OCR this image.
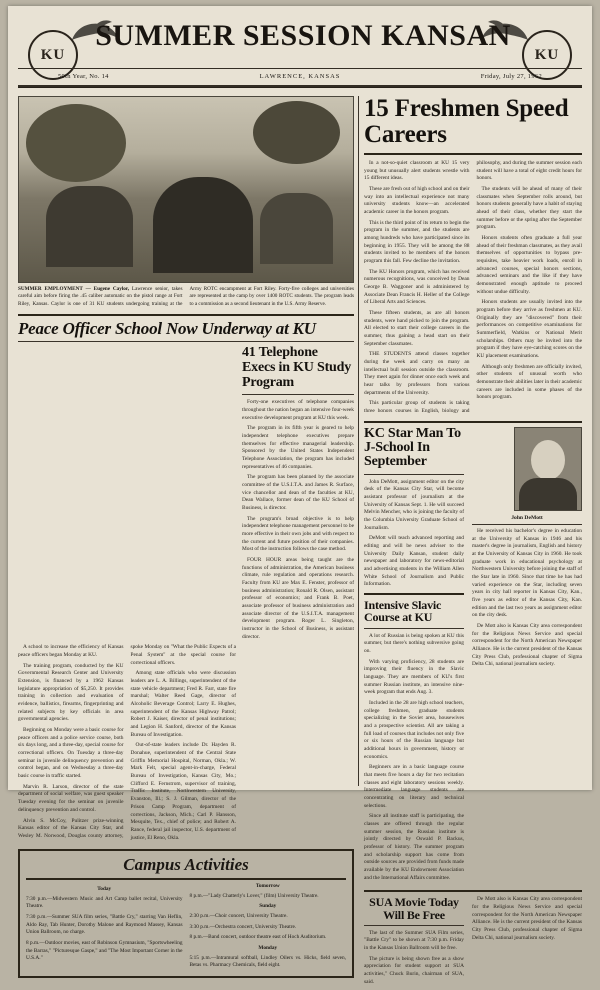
KU	KU
SUMMER SESSION KANSAN
50th Year, No. 14	LAWRENCE, KANSAS	Friday, July 27, 1962
SUMMER EMPLOYMENT — Eugene Caylor, Lawrence senior, takes careful aim before firing the .45 caliber automatic on the pistol range at Fort Riley, Kansas. Caylor is one of 31 KU students undergoing training at the Army ROTC encampment at Fort Riley. Forty-five colleges and universities are represented at the camp by over 1400 ROTC students. The program leads to a commission as a second lieutenant in the U.S. Army Reserve.
Peace Officer School Now Underway at KU
41 Telephone Execs in KU Study Program

Forty-one executives of telephone companies throughout the nation began an intensive four-week executive development program at KU this week.

The program in its fifth year is geared to help independent telephone executives prepare themselves for effective managerial leadership. Sponsored by the United States Independent Telephone Association, the program has included representatives of 46 companies.

The program has been planned by the associate committee of the U.S.I.T.A. and James R. Surface, vice chancellor and dean of the faculties at KU, Dean Wallace, former dean of the KU School of Business, is director.

The program's broad objective is to help independent telephone management personnel to be more effective in their own jobs and with respect to the current and future position of their companies. Most of the instruction follows the case method.

FOUR HOUR areas being taught are the functions of administration, the American business climate, rule regulation and operations research. Faculty from KU are Max E. Fenster, professor of business administration; Ronald R. Olsen, assistant professor of economics; and Frank B. Poet, associate professor of business administration and associate director of the U.S.I.T.A. management development program. Roger L. Singleton, instructor in the School of Business, is assistant director.

A school to increase the efficiency of Kansas peace officers began Monday at KU.

The training program, conducted by the KU Governmental Research Center and University Extension, is financed by a 1962 Kansas legislature appropriation of $5,250. It provides training in collection and evaluation of evidence, ballistics, firearms, fingerprinting and related subjects by key officials in area governmental agencies.

Beginning on Monday were a basic course for peace officers and a police service course, both six days long, and a three-day, special course for correctional officers. On Tuesday a three-day seminar in juvenile delinquency prevention and control began, and on Wednesday a three-day basic course in traffic started.

Marvin R. Larson, director of the state department of social welfare, was guest speaker Tuesday evening for the seminar on juvenile delinquency prevention and control.

Alvin S. McCoy, Pulitzer prize-winning Kansas editor of the Kansas City Star, and Wesley M. Norwood, Douglas county attorney, spoke Monday on "What the Public Expects of a Penal System" at the special course for correctional officers.

Among state officials who were discussion leaders are L. A. Billings, superintendent of the state vehicle department; Fred R. Farr, state fire marshal; Walter Reed Gage, director of Alcoholic Beverage Control; Larry E. Hughes, superintendent of the Kansas Highway Patrol; Robert J. Kaiser, director of penal institutions; and Legion H. Sanford, director of the Kansas Bureau of Investigation.

Out-of-state leaders include Dr. Hayden R. Donahue, superintendent of the Central State Griffin Memorial Hospital, Norman, Okla.; W. Mark Felt, special agent-in-charge, Federal Bureau of Investigation, Kansas City, Mo.; Clifford E. Fernstrom, supervisor of training, Traffic Institute, Northwestern University, Evanston, Ill.; S. J. Gilman, director of the Prison Camp Program, department of corrections, Jackson, Mich.; Carl P. Hansson, Mesquite, Tex., chief of police; and Robert A. Rance, federal jail inspector, U.S. department of justice, El Reno, Okla.

Campus Activities
Today

7:30 p.m.—Midwestern Music and Art Camp ballet recital, University Theatre.

7:30 p.m.—Summer SUA film series, "Battle Cry," starring Van Heflin, Aldo Ray, Tab Hunter, Dorothy Malone and Raymond Massey, Kansas Union Ballroom, no charge.

8 p.m.—Outdoor movies, east of Robinson Gymnasium, "Sportswheeling the Barras," "Picturesque Gaspe," and "The Most Important Corner in the U.S.A."

Tomorrow

8 p.m.—"Lady Chatterly's Lover," (film) University Theatre.

Sunday

2:30 p.m.—Choir concert, University Theatre.

3:30 p.m.—Orchestra concert, University Theatre.

8 p.m.—Band concert, outdoor theatre east of Hoch Auditorium.

Monday

5:15 p.m.—Intramural softball, Lindley Oilers vs. Hicks, field seven, Betas vs. Pharmacy Chemicals, field eight.

15 Freshmen Speed Careers

In a not-so-quiet classroom at KU 15 very young but unusually alert students wrestle with 15 different ideas.

These are fresh out of high school and on their way into an intellectual experience not many university students know—an accelerated academic career in the honors program.

This is the third point of its return to begin the program in the summer, and the students are among hundreds who have participated since its beginning in 1955. They will be among the 88 students invited to be members of the honors program this fall. Few decline the invitation.

The KU Honors program, which has received numerous recognitions, was conceived by Dean George B. Waggoner and is administered by Associate Dean Francis H. Heller of the College of Liberal Arts and Sciences.

These fifteen students, as are all honors students, were hand picked to join the program. All elected to start their college careers in the summer, thus gaining a head start on their September classmates.

THE STUDENTS attend classes together during the week and carry on many an intellectual bull session outside the classroom. They meet again for dinner once each week and hear talks by professors from various departments of the University.

This particular group of students is taking three honors courses in English, biology and philosophy, and during the summer session each student will have a total of eight credit hours for honors.

The students will be ahead of many of their classmates when September rolls around, but honors students generally have a habit of staying ahead of their class, whether they start the summer before or the spring after the September program.

Honors students often graduate a full year ahead of their freshman classmates, as they avail themselves of opportunities to bypass pre-requisites, take heavier work loads, enroll in advanced courses, special honors sections, advanced seminars and the like if they have demonstrated enough aptitude to proceed without undue difficulty.

Honors students are usually invited into the program before they arrive as freshmen at KU. Originally they are "discovered" from their performances on competitive examinations for Summerfield, Watkins or National Merit scholarships. Others may be invited into the program if they have eye-catching scores on the KU placement examinations.

Although only freshmen are officially invited, other students of unusual worth who demonstrate their abilities later in their academic careers are included in some phases of the honors program.

KC Star Man To J-School In September

John DeMott, assignment editor on the city desk of the Kansas City Star, will become assistant professor of journalism at the University of Kansas Sept. 1. He will succeed Melvin Mencher, who is joining the faculty of the Columbia University Graduate School of Journalism.

DeMott will teach advanced reporting and editing and will be news adviser to the University Daily Kansan, student daily newspaper and laboratory for news-editorial and advertising students in the William Allen White School of Journalism and Public Information.

Intensive Slavic Course at KU

A lot of Russian is being spoken at KU this summer, but there's nothing subversive going on.

With varying proficiency, 28 students are improving their fluency in the Slavic language. They are members of KU's first summer Russian institute, an intensive nine-week program that ends Aug. 3.

Included in the 28 are high school teachers, college freshmen, graduate students specializing in the Soviet area, housewives and a prospective scientist. All are taking a full load of courses that includes not only five or six hours of the Russian language but additional hours in government, history or economics.

Beginners are in a basic language course that meets five hours a day for two recitation classes and eight laboratory sessions weekly. Intermediate language students are concentrating on literary and technical selections.

Since all institute staff is participating, the classes are offered through the regular summer session, the Russian institute is jointly directed by Oswald P. Backus, professor of history. The summer program and scholarship support has come from outside sources are provided from funds made available by the KU Endowment Association and the International Affairs committee.

John DeMott

He received his bachelor's degree in education at the University of Kansas in 1946 and his master's degree in journalism, English and history at the University of Kansas City in 1960. He took graduate work in educational psychology at Northwestern University before joining the staff of the Star late in 1960. Since that time he has had varied experience on the Star, including seven years in city hall reporter in Kansas City, Kan., five years as editor of the Kansas City, Kan. edition and the last two years as assignment editor on the city desk.

De Mott also is Kansas City area correspondent for the Religious News Service and special correspondent for the North American Newspaper Alliance. He is the current president of the Kansas City Press Club, professional chapter of Sigma Delta Chi, national journalism society.

SUA Movie Today Will Be Free

The last of the Summer SUA Film series, "Battle Cry" to be shown at 7:30 p.m. Friday in the Kansas Union Ballroom will be free.

The picture is being shown free as a show appreciation for student support at SUA activities," Chuck Burin, chairman of SUA, said.

De Mott also is Kansas City area correspondent for the Religious News Service and special correspondent for the North American Newspaper Alliance. He is the current president of the Kansas City Press Club, professional chapter of Sigma Delta Chi, national journalism society.
